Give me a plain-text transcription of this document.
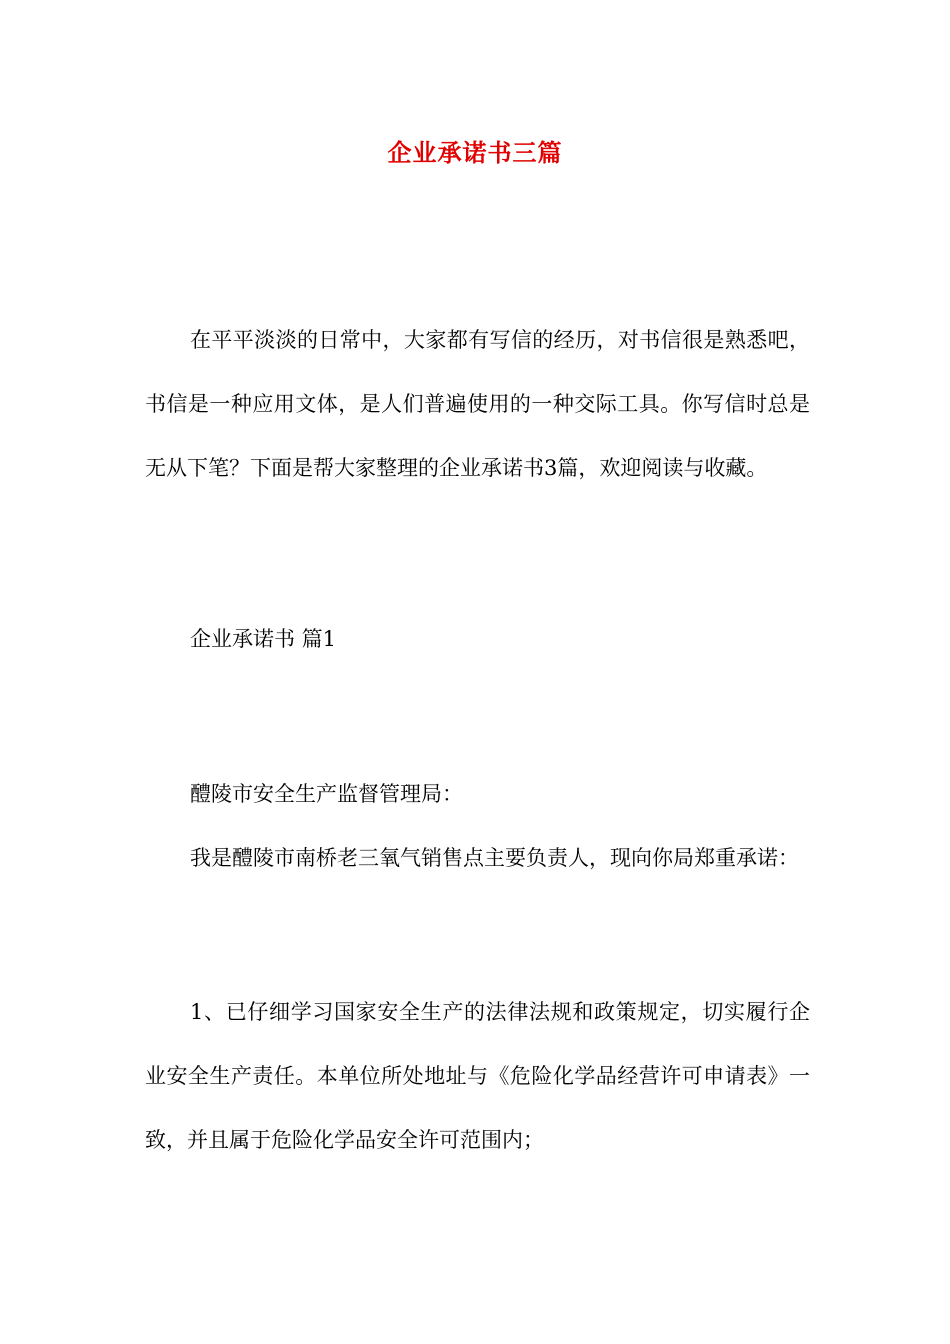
企业承诺书三篇

在平平淡淡的日常中，大家都有写信的经历，对书信很是熟悉吧，书信是一种应用文体，是人们普遍使用的一种交际工具。你写信时总是无从下笔？下面是帮大家整理的企业承诺书3篇，欢迎阅读与收藏。

企业承诺书 篇1

醴陵市安全生产监督管理局：

我是醴陵市南桥老三氧气销售点主要负责人，现向你局郑重承诺：

1、已仔细学习国家安全生产的法律法规和政策规定，切实履行企业安全生产责任。本单位所处地址与《危险化学品经营许可申请表》一致，并且属于危险化学品安全许可范围内；
